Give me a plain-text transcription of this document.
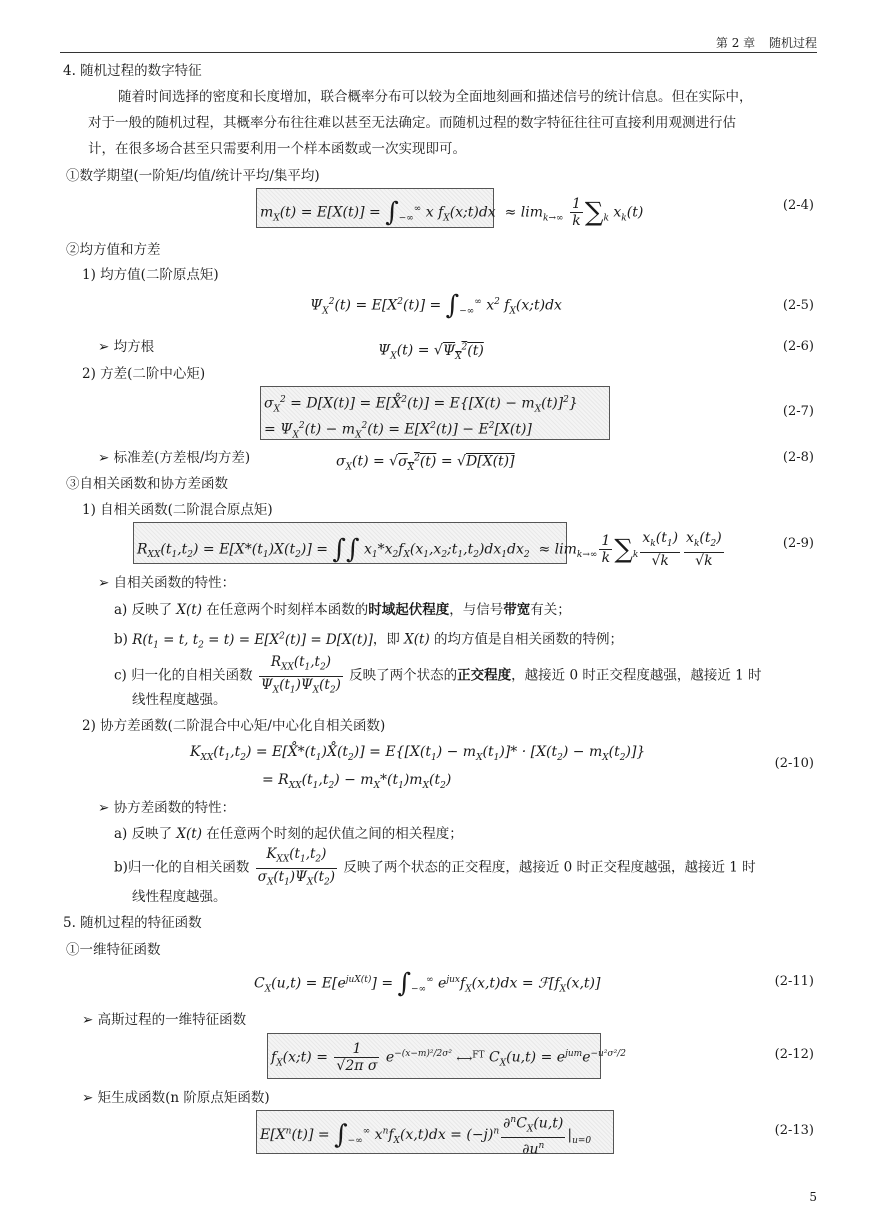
第 2 章 随机过程
4. 随机过程的数字特征
随着时间选择的密度和长度增加，联合概率分布可以较为全面地刻画和描述信号的统计信息。但在实际中，
对于一般的随机过程，其概率分布往往难以甚至无法确定。而随机过程的数字特征往往可直接利用观测进行估
计，在很多场合甚至只需要利用一个样本函数或一次实现即可。
①数学期望(一阶矩/均值/统计平均/集平均)
$m_X(t) = E[X(t)] = \int_{-\infty}^\infty$ x $f_X(x;t)dx \approx \lim_{k\to\infty} \frac{1}{k} \sum_k$ $x_k(t)$	(2-4)
②均方值和方差
1) 均方值(二阶原点矩)
$\Psi_X^2(t) = E[X^2(t)] = \int_{-\infty}^\infty$ $x^2$ $f_X(x;t)dx$	(2-5)
➢ 均方根	$\Psi_X(t) = √\Psi_X^2(t)$	(2-6)
2) 方差(二阶中心矩)
$\sigma_X^2 = D[X(t)]$ = E[X̊$^2$(t)] = $E\{[X(t) - m_X(t)]^2\}$
= $\Psi_X^2(t) - m_X^2(t) = E[X^2(t)] - E^2[X(t)]$
(2-7)
➢ 标准差(方差根/均方差)	$\sigma_X(t) = √\sigma_X^2(t) = √D[X(t)]$	(2-8)
③自相关函数和协方差函数
1) 自相关函数(二阶混合原点矩)
$R_{XX}(t_1,t_2) = E[X*(t_1)X(t_2)]$ = ∫∫ $x_1*x_2f_X(x_1,x_2;t_1,t_2)dx_1dx_2 \approx \lim_{k\to\infty} \frac{1}{k} \sum_k \frac{x_k(t_1)}{√k} \frac{x_k(t_2)}{√k}$	(2-9)
➢ 自相关函数的特性：
a) 反映了 X(t) 在任意两个时刻样本函数的时域起伏程度，与信号带宽有关；
b) $R(t_1 = t$, $t_2 = t) = E[X^2(t)] = D[X(t)]$，即 X(t) 的均方值是自相关函数的特例；
c) 归一化的自相关函数 $\frac{R_{XX}(t_1,t_2)}{\Psi_X(t_1)\Psi_X(t_2)}$ 反映了两个状态的正交程度，越接近 0 时正交程度越强，越接近 1 时
线性程度越强。
2) 协方差函数(二阶混合中心矩/中心化自相关函数)
$K_{XX}(t_1,t_2)$ = $E[X̊*(t_1)X̊(t_2)] = E\{[X(t_1) - m_X(t_1)]* \cdot [X(t_2) - m_X(t_2)]\}$
= $R_{XX}(t_1,t_2) - m_X*(t_1)m_X(t_2)$
(2-10)
➢ 协方差函数的特性：
a) 反映了 X(t) 在任意两个时刻的起伏值之间的相关程度；
b)归一化的自相关函数 $\frac{K_{XX}(t_1,t_2)}{\sigma_X(t_1)\Psi_X(t_2)}$ 反映了两个状态的正交程度，越接近 0 时正交程度越强，越接近 1 时
线性程度越强。
5. 随机过程的特征函数
①一维特征函数
$C_X(u,t) = E[e^{juX(t)}] = \int_{-\infty}^\infty$ $e^{jux}f_X(x,t)dx$ = $ℱ[f_X(x,t)]$	(2-11)
➢ 高斯过程的一维特征函数
$f_X(x;t) = \frac{1}{\text{√2π σ}} e^{-(x-m)^2/2\sigma^2}$ ⟷$^{FT}$ $C_X(u,t) = e^{jum}e^{-u^2\sigma^2/2}$	(2-12)
➢ 矩生成函数(n 阶原点矩函数)
$E[X^n(t)] = \int_{-\infty}^\infty$ $x^nf_X(x,t)dx = (-j)^n \frac{\partial^nC_X(u,t)}{\partial u^n} |_{u=0}$
(2-13)
5
